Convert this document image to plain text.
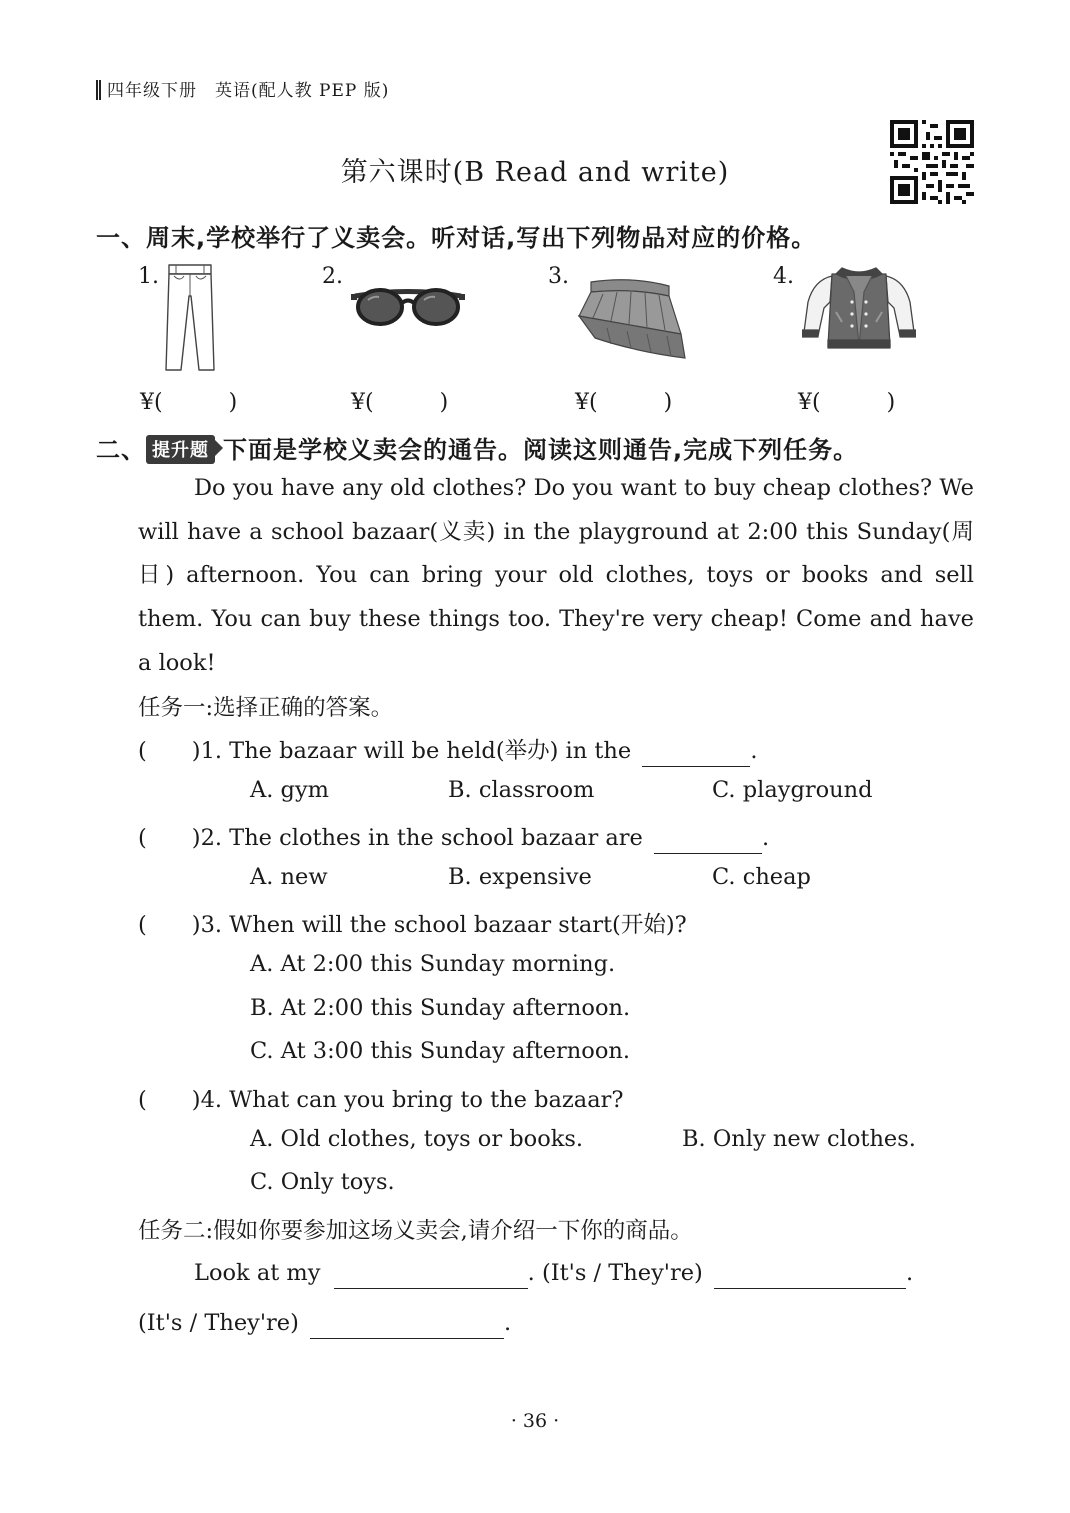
四年级下册　英语(配人教 PEP 版)
第六课时(B Read and write)
一、周末,学校举行了义卖会。听对话,写出下列物品对应的价格。
1.	2.	3.	4.
¥(　　　)	¥(　　　)	¥(　　　)	¥(　　　)
二、 提升题 下面是学校义卖会的通告。阅读这则通告,完成下列任务。

Do you have any old clothes? Do you want to buy cheap clothes? We will have a school bazaar(义卖) in the playground at 2:00 this Sunday(周日) afternoon. You can bring your old clothes, toys or books and sell them. You can buy these things too. They're very cheap! Come and have a look!

任务一:选择正确的答案。
(　　)1. The bazaar will be held(举办) in the	.
A. gym	B. classroom	C. playground
(　　)2. The clothes in the school bazaar are	.
A. new	B. expensive	C. cheap
(　　)3. When will the school bazaar start(开始)?
A. At 2:00 this Sunday morning.
B. At 2:00 this Sunday afternoon.
C. At 3:00 this Sunday afternoon.
(　　)4. What can you bring to the bazaar?
A. Old clothes, toys or books.	B. Only new clothes.
C. Only toys.
任务二:假如你要参加这场义卖会,请介绍一下你的商品。
Look at my	. (It's / They're)	.
(It's / They're)	.
· 36 ·
